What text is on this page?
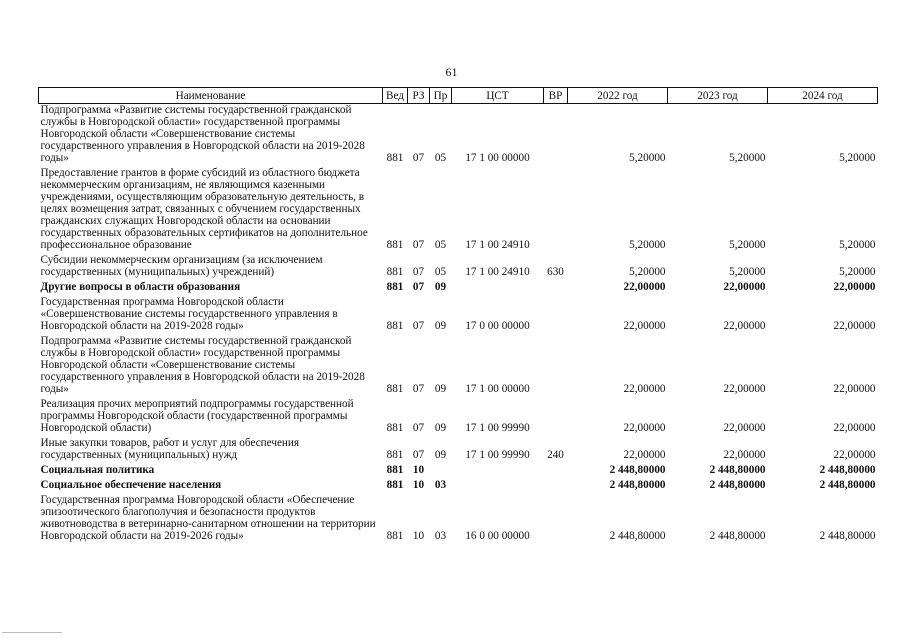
61
Наименование	Вед	РЗ	Пр	ЦСТ	ВР	2022 год	2023 год	2024 год
Подпрограмма «Развитие системы государственной гражданской службы в Новгородской области» государственной программы Новгородской области «Совершенствование системы государственного управления в Новгородской области на 2019-2028 годы»	881	07	05	17 1 00 00000		5,20000	5,20000	5,20000
Предоставление грантов в форме субсидий из областного бюджета некоммерческим организациям, не являющимся казенными учреждениями, осуществляющим образовательную деятельность, в целях возмещения затрат, связанных с обучением государственных гражданских служащих Новгородской области на основании государственных образовательных сертификатов на дополнительное профессиональное образование	881	07	05	17 1 00 24910		5,20000	5,20000	5,20000
Субсидии некоммерческим организациям (за исключением государственных (муниципальных) учреждений)	881	07	05	17 1 00 24910	630	5,20000	5,20000	5,20000
Другие вопросы в области образования	881	07	09			22,00000	22,00000	22,00000
Государственная программа Новгородской области «Совершенствование системы государственного управления в Новгородской области на 2019-2028 годы»	881	07	09	17 0 00 00000		22,00000	22,00000	22,00000
Подпрограмма «Развитие системы государственной гражданской службы в Новгородской области» государственной программы Новгородской области «Совершенствование системы государственного управления в Новгородской области на 2019-2028 годы»	881	07	09	17 1 00 00000		22,00000	22,00000	22,00000
Реализация прочих мероприятий подпрограммы государственной программы Новгородской области (государственной программы Новгородской области)	881	07	09	17 1 00 99990		22,00000	22,00000	22,00000
Иные закупки товаров, работ и услуг для обеспечения государственных (муниципальных) нужд	881	07	09	17 1 00 99990	240	22,00000	22,00000	22,00000
Социальная политика	881	10				2 448,80000	2 448,80000	2 448,80000
Социальное обеспечение населения	881	10	03			2 448,80000	2 448,80000	2 448,80000
Государственная программа Новгородской области «Обеспечение эпизоотического благополучия и безопасности продуктов животноводства в ветеринарно-санитарном отношении на территории Новгородской области на 2019-2026 годы»	881	10	03	16 0 00 00000		2 448,80000	2 448,80000	2 448,80000
